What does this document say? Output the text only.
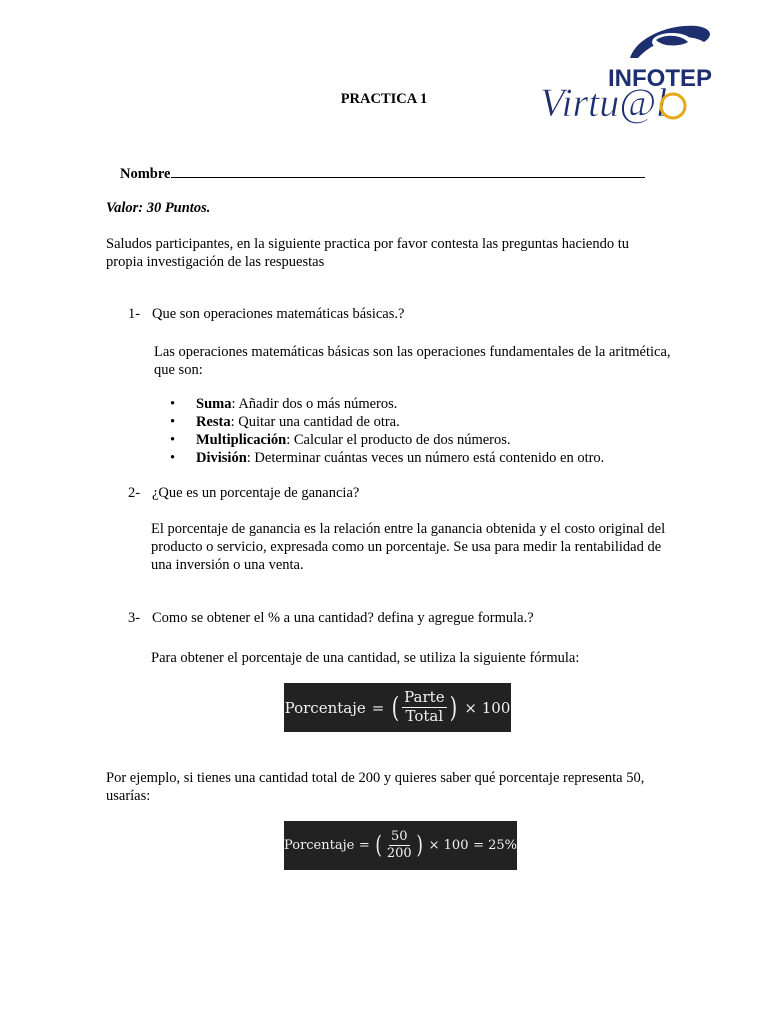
INFOTEP
Virtu@l
PRACTICA 1
Nombre
Valor: 30 Puntos.
Saludos participantes, en la siguiente practica por favor contesta las preguntas haciendo tu propia investigación de las respuestas
1- Que son operaciones matemáticas básicas.?
Las operaciones matemáticas básicas son las operaciones fundamentales de la aritmética, que son:
• Suma: Añadir dos o más números.
• Resta: Quitar una cantidad de otra.
• Multiplicación: Calcular el producto de dos números.
• División: Determinar cuántas veces un número está contenido en otro.
2- ¿Que es un porcentaje de ganancia?
El porcentaje de ganancia es la relación entre la ganancia obtenida y el costo original del producto o servicio, expresada como un porcentaje. Se usa para medir la rentabilidad de una inversión o una venta.
3- Como se obtener el % a una cantidad? defina y agregue formula.?
Para obtener el porcentaje de una cantidad, se utiliza la siguiente fórmula:
Porcentaje = ( $\frac{\text{Parte}}{\text{Total}}$ ) × 100
Por ejemplo, si tienes una cantidad total de 200 y quieres saber qué porcentaje representa 50, usarías:
Porcentaje = ( $\frac{50}{200}$ ) × 100 = 25%
